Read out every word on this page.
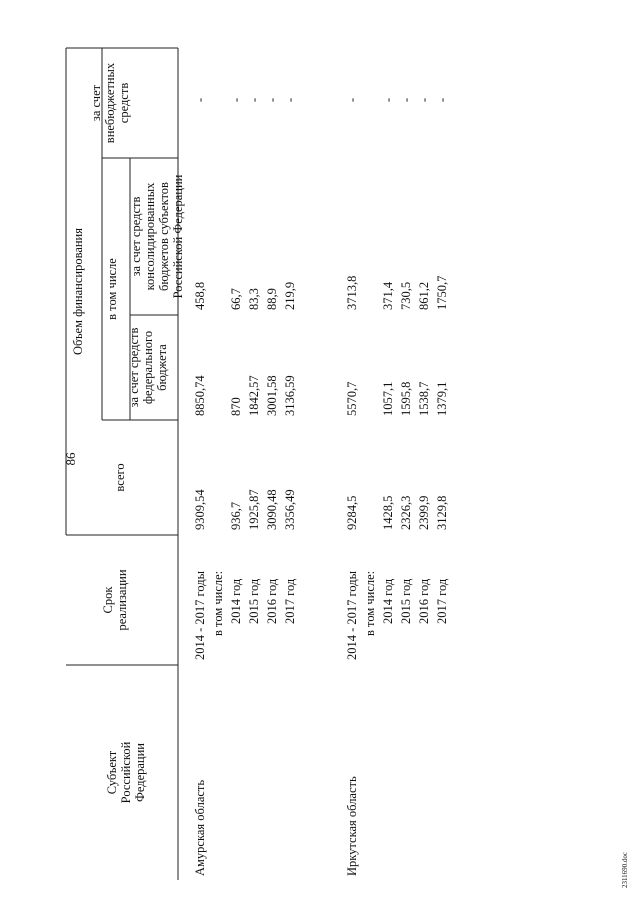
86
2311690.doc
Субъект Российской Федерации
Срок реализации
всего
Объем финансирования в том числе
за счет средств федерального бюджета
за счет средств консолидированных бюджетов субъектов Российской Федерации
за счет внебюджетных средств
Амурская область
2014 - 2017 годы
9309,54
8850,74
458,8
-
в том числе: 2014 год
936,7
870
66,7
-
2015 год
1925,87
1842,57
83,3
-
2016 год
3090,48
3001,58
88,9
-
2017 год
3356,49
3136,59
219,9
-
Иркутская область
2014 - 2017 годы
9284,5
5570,7
3713,8
-
в том числе: 2014 год
1428,5
1057,1
371,4
-
2015 год
2326,3
1595,8
730,5
-
2016 год
2399,9
1538,7
861,2
-
2017 год
3129,8
1379,1
1750,7
-
